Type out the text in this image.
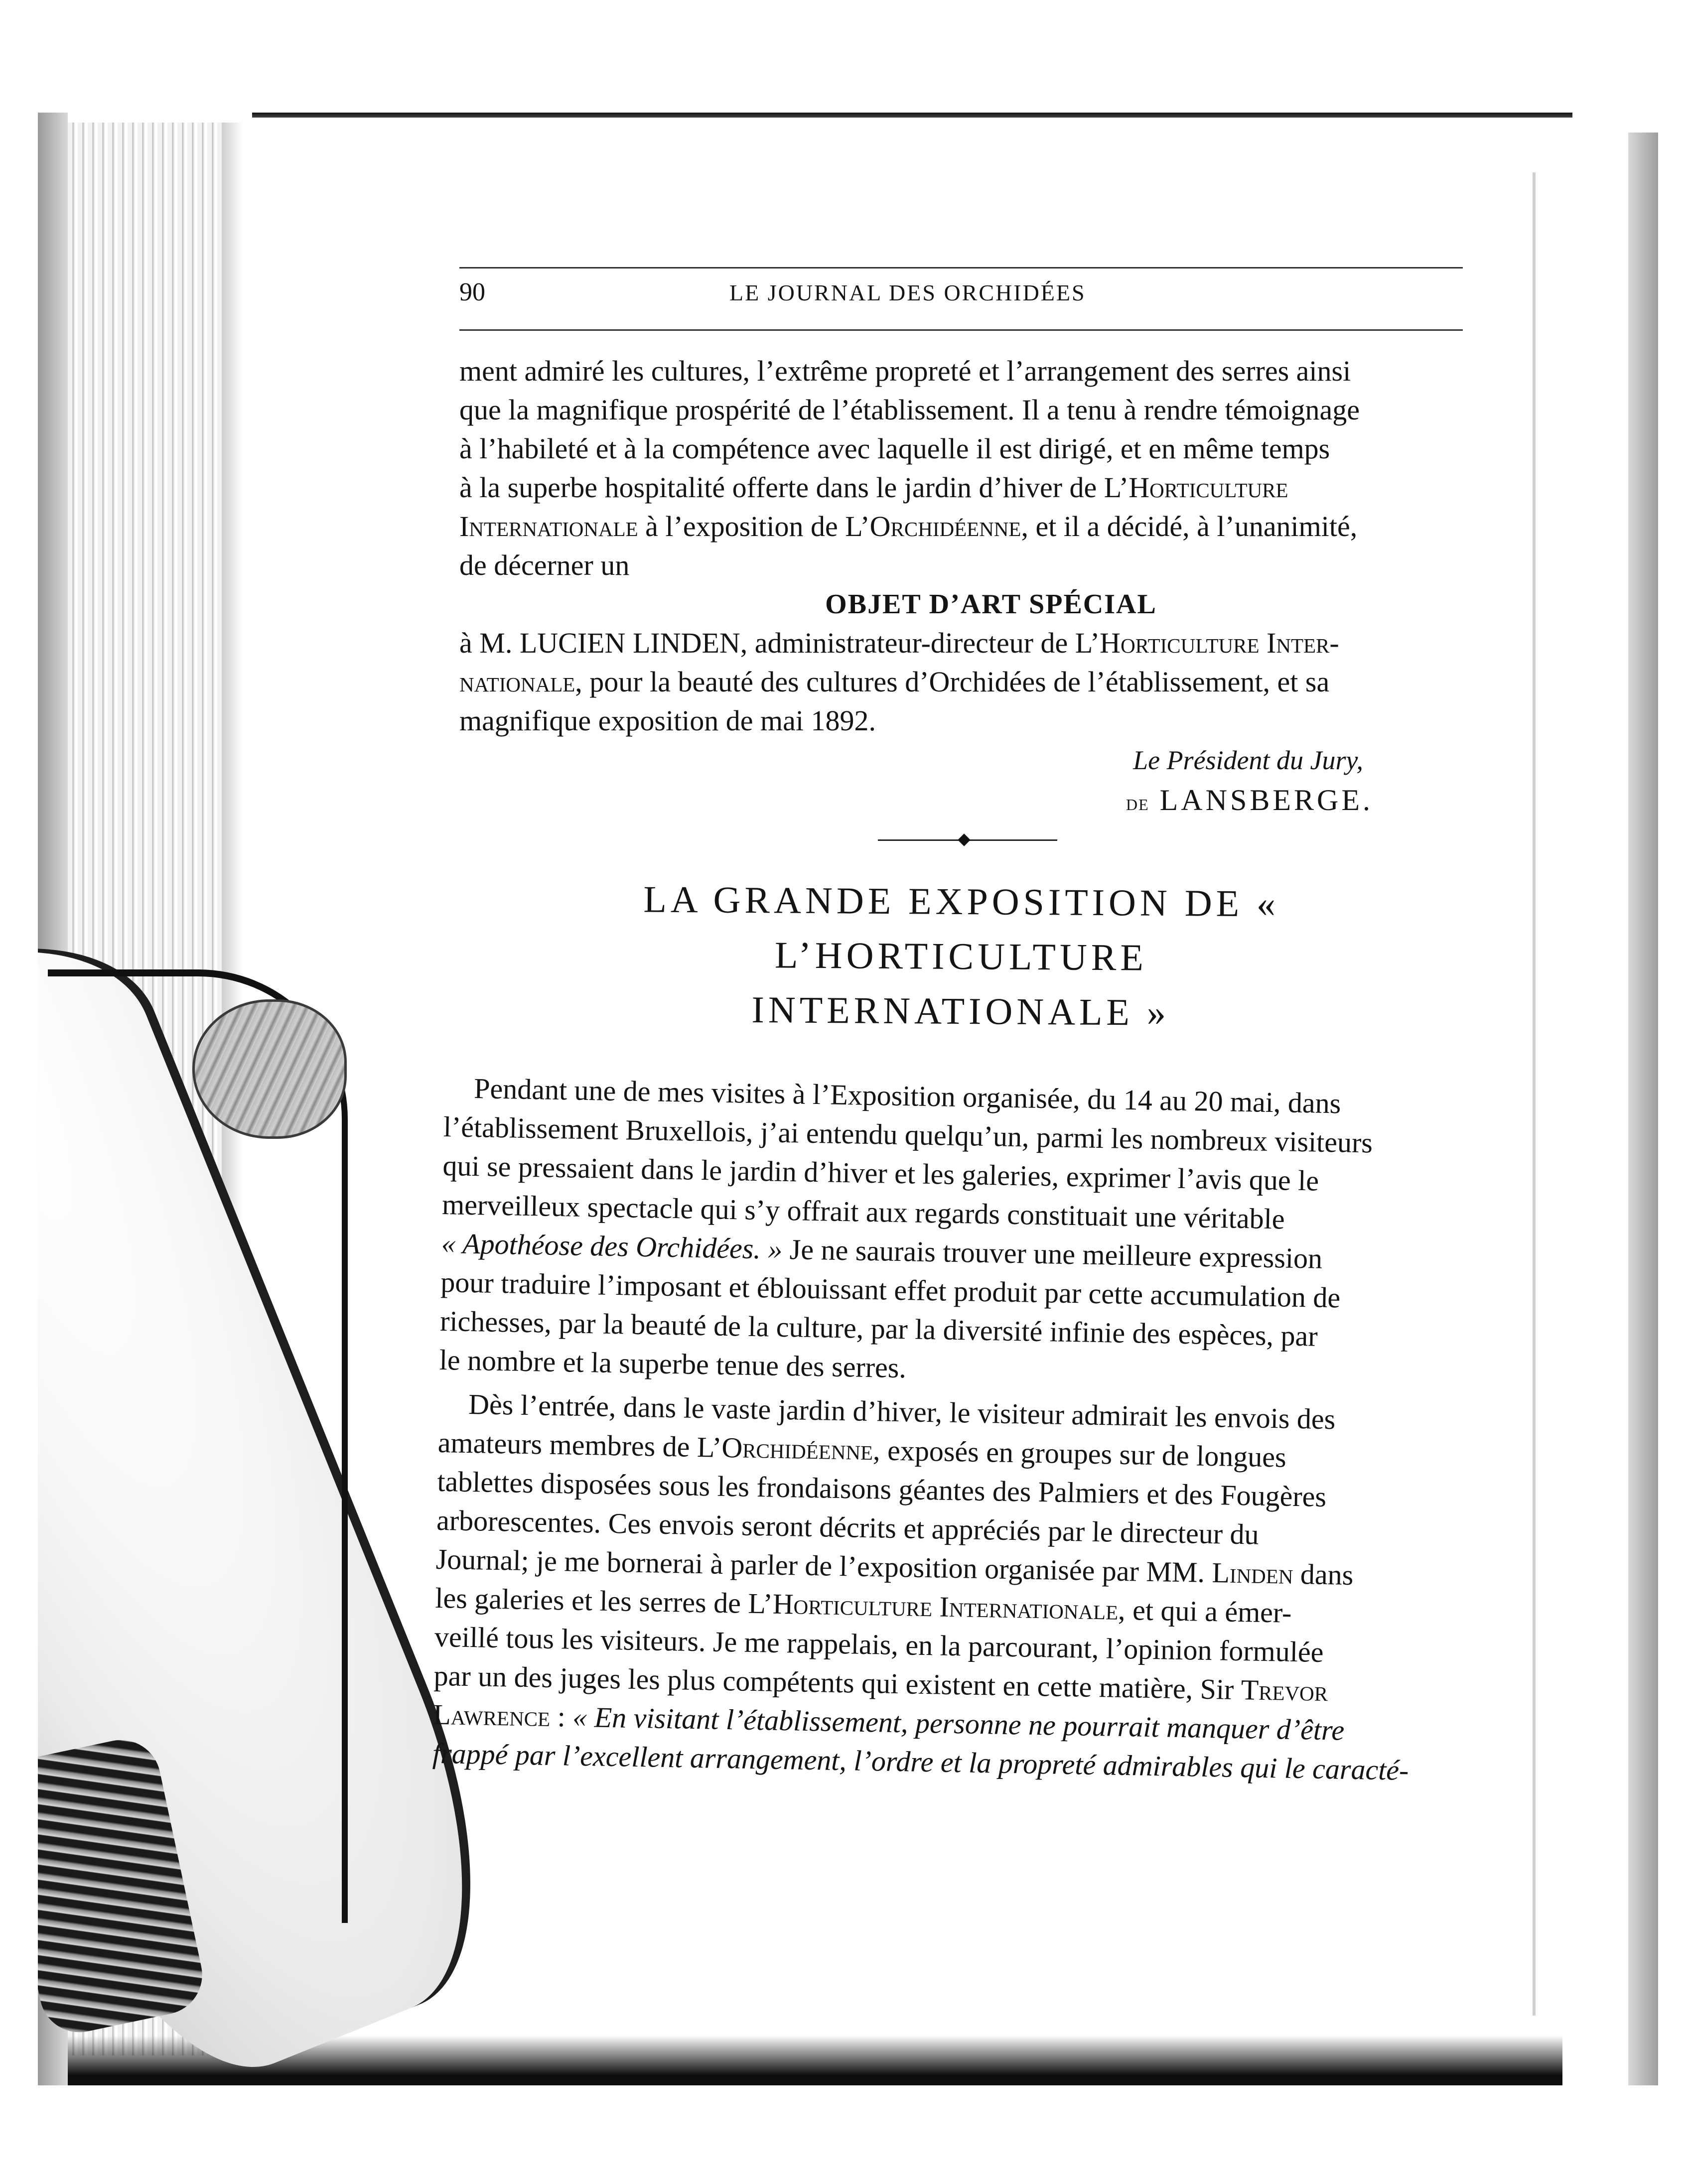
90	LE JOURNAL DES ORCHIDÉES

ment admiré les cultures, l’extrême propreté et l’arrangement des serres ainsi

que la magnifique prospérité de l’établissement. Il a tenu à rendre témoignage

à l’habileté et à la compétence avec laquelle il est dirigé, et en même temps

à la superbe hospitalité offerte dans le jardin d’hiver de L’Horticulture

Internationale à l’exposition de L’Orchidéenne, et il a décidé, à l’unanimité,

de décerner un

OBJET D’ART SPÉCIAL

à M. LUCIEN LINDEN, administrateur-directeur de L’Horticulture Inter-

nationale, pour la beauté des cultures d’Orchidées de l’établissement, et sa

magnifique exposition de mai 1892.

Le Président du Jury,
de LANSBERGE.
LA GRANDE EXPOSITION DE « L’HORTICULTURE
INTERNATIONALE »

Pendant une de mes visites à l’Exposition organisée, du 14 au 20 mai, dans

l’établissement Bruxellois, j’ai entendu quelqu’un, parmi les nombreux visiteurs

qui se pressaient dans le jardin d’hiver et les galeries, exprimer l’avis que le

merveilleux spectacle qui s’y offrait aux regards constituait une véritable

« Apothéose des Orchidées. » Je ne saurais trouver une meilleure expression

pour traduire l’imposant et éblouissant effet produit par cette accumulation de

richesses, par la beauté de la culture, par la diversité infinie des espèces, par

le nombre et la superbe tenue des serres.

Dès l’entrée, dans le vaste jardin d’hiver, le visiteur admirait les envois des

amateurs membres de L’Orchidéenne, exposés en groupes sur de longues

tablettes disposées sous les frondaisons géantes des Palmiers et des Fougères

arborescentes. Ces envois seront décrits et appréciés par le directeur du

Journal; je me bornerai à parler de l’exposition organisée par MM. Linden dans

les galeries et les serres de L’Horticulture Internationale, et qui a émer-

veillé tous les visiteurs. Je me rappelais, en la parcourant, l’opinion formulée

par un des juges les plus compétents qui existent en cette matière, Sir Trevor

Lawrence : « En visitant l’établissement, personne ne pourrait manquer d’être

frappé par l’excellent arrangement, l’ordre et la propreté admirables qui le caracté-
